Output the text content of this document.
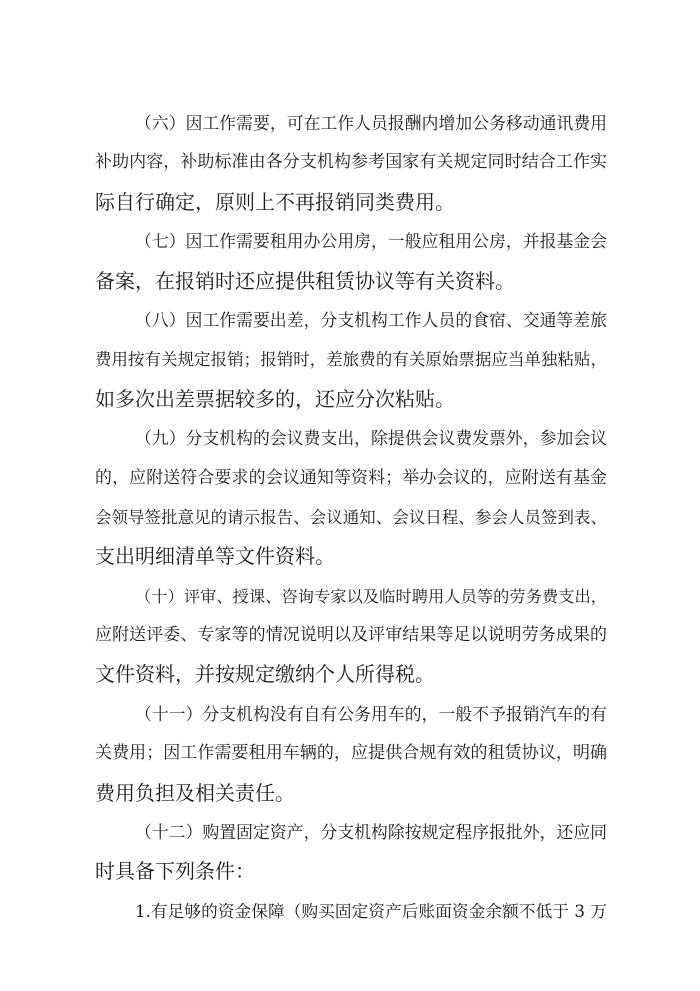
（六）因工作需要，可在工作人员报酬内增加公务移动通讯费用
补助内容，补助标准由各分支机构参考国家有关规定同时结合工作实
际自行确定，原则上不再报销同类费用。
（七）因工作需要租用办公用房，一般应租用公房，并报基金会
备案，在报销时还应提供租赁协议等有关资料。
（八）因工作需要出差，分支机构工作人员的食宿、交通等差旅
费用按有关规定报销；报销时，差旅费的有关原始票据应当单独粘贴，
如多次出差票据较多的，还应分次粘贴。
（九）分支机构的会议费支出，除提供会议费发票外，参加会议
的，应附送符合要求的会议通知等资料；举办会议的，应附送有基金
会领导签批意见的请示报告、会议通知、会议日程、参会人员签到表、
支出明细清单等文件资料。
（十）评审、授课、咨询专家以及临时聘用人员等的劳务费支出，
应附送评委、专家等的情况说明以及评审结果等足以说明劳务成果的
文件资料，并按规定缴纳个人所得税。
（十一）分支机构没有自有公务用车的，一般不予报销汽车的有
关费用；因工作需要租用车辆的，应提供合规有效的租赁协议，明确
费用负担及相关责任。
（十二）购置固定资产，分支机构除按规定程序报批外，还应同
时具备下列条件：
1.有足够的资金保障（购买固定资产后账面资金余额不低于 3 万
